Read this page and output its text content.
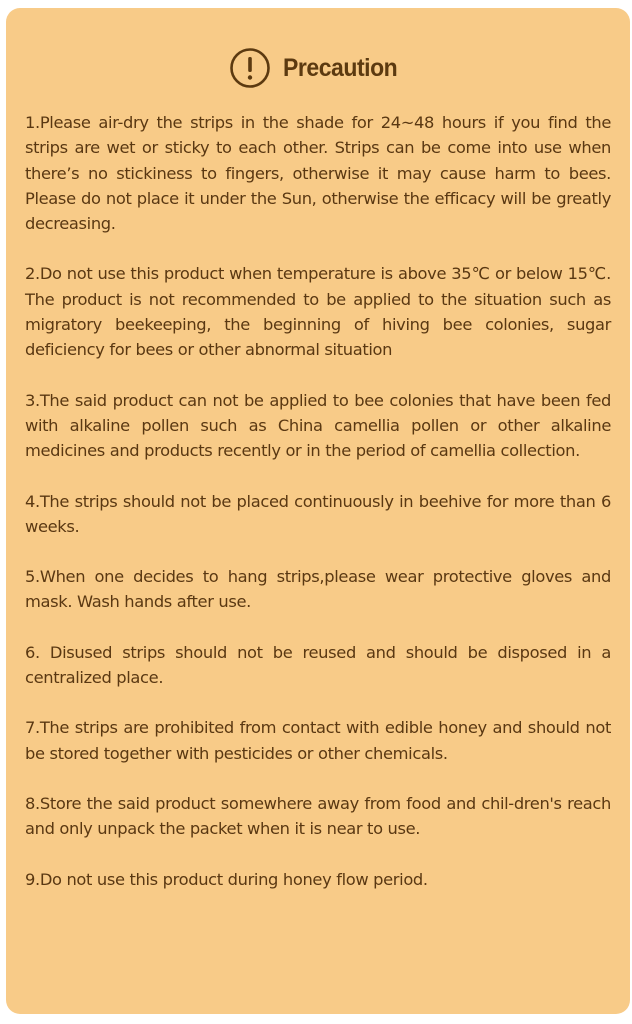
Precaution

1.Please air-dry the strips in the shade for 24~48 hours if you find the strips are wet or sticky to each other. Strips can be come into use when there’s no stickiness to fingers, otherwise it may cause harm to bees. Please do not place it under the Sun, otherwise the efficacy will be greatly decreasing.

2.Do not use this product when temperature is above 35℃ or below 15℃. The product is not recommended to be applied to the situation such as migratory beekeeping, the beginning of hiving bee colonies, sugar deficiency for bees or other abnormal situation

3.The said product can not be applied to bee colonies that have been fed with alkaline pollen such as China camellia pollen or other alkaline medicines and products recently or in the period of camellia collection.

4.The strips should not be placed continuously in beehive for more than 6 weeks.

5.When one decides to hang strips,please wear protective gloves and mask. Wash hands after use.

6. Disused strips should not be reused and should be disposed in a centralized place.

7.The strips are prohibited from contact with edible honey and should not be stored together with pesticides or other chemicals.

8.Store the said product somewhere away from food and chil-dren's reach and only unpack the packet when it is near to use.

9.Do not use this product during honey flow period.
